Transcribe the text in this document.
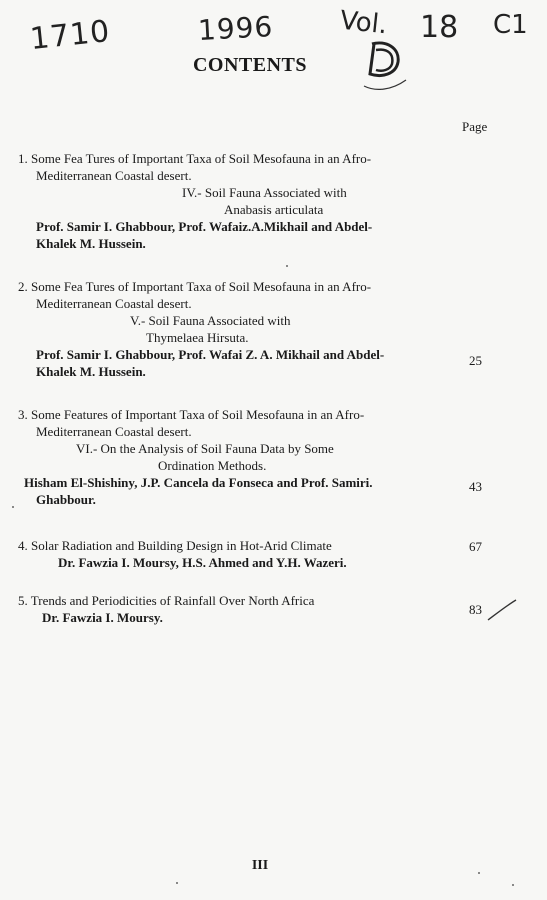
1710	1996 Vol. 18 C1
CONTENTS
Page
1. Some Fea Tures of Important Taxa of Soil Mesofauna in an Afro-
Mediterranean Coastal desert.
IV.- Soil Fauna Associated with
Anabasis articulata
Prof. Samir I. Ghabbour, Prof. Wafaiz.A.Mikhail and Abdel-
Khalek M. Hussein.
2. Some Fea Tures of Important Taxa of Soil Mesofauna in an Afro-
Mediterranean Coastal desert.
V.- Soil Fauna Associated with
Thymelaea Hirsuta.
Prof. Samir I. Ghabbour, Prof. Wafai Z. A. Mikhail and Abdel-
Khalek M. Hussein.
25
3. Some Features of Important Taxa of Soil Mesofauna in an Afro-
Mediterranean Coastal desert.
VI.- On the Analysis of Soil Fauna Data by Some
Ordination Methods.
Hisham El-Shishiny, J.P. Cancela da Fonseca and Prof. Samiri.
Ghabbour.
43
4. Solar Radiation and Building Design in Hot-Arid Climate
Dr. Fawzia I. Moursy, H.S. Ahmed and Y.H. Wazeri.
67
5. Trends and Periodicities of Rainfall Over North Africa
Dr. Fawzia I. Moursy.
83
III
